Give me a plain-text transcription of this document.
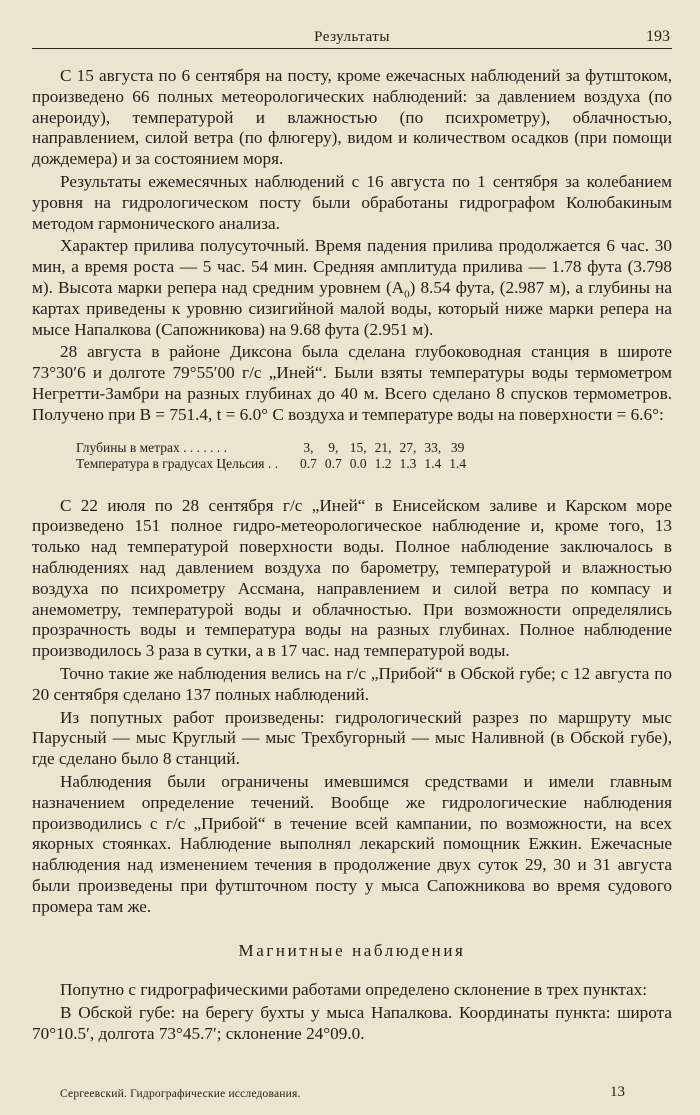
Результаты	193

С 15 августа по 6 сентября на посту, кроме ежечасных наблюдений за футштоком, произведено 66 полных метеорологических наблюдений: за давлением воздуха (по анероиду), температурой и влажностью (по психрометру), облачностью, направлением, силой ветра (по флюгеру), видом и количеством осадков (при помощи дождемера) и за состоянием моря.

Результаты ежемесячных наблюдений с 16 августа по 1 сентября за колебанием уровня на гидрологическом посту были обработаны гидрографом Колюбакиным методом гармонического анализа.

Характер прилива полусуточный. Время падения прилива продолжается 6 час. 30 мин, а время роста — 5 час. 54 мин. Средняя амплитуда прилива — 1.78 фута (3.798 м). Высота марки репера над средним уровнем $(A_0)$ 8.54 фута, (2.987 м), а глубины на картах приведены к уровню сизигийной малой воды, который ниже марки репера на мысе Напалкова (Сапожникова) на 9.68 фута (2.951 м).

28 августа в районе Диксона была сделана глубоководная станция в широте 73°30′6 и долготе 79°55′00 г/с „Иней“. Были взяты температуры воды термометром Негретти-Замбри на разных глубинах до 40 м. Всего сделано 8 спусков термометров. Получено при B = 751.4, t = 6.0° С воздуха и температуре воды на поверхности = 6.6°:

Глубины в метрах . . . . . . .	3,	9,	15,	21,	27,	33,	39
Температура в градусах Цельсия . .	0.7	0.7	0.0	1.2	1.3	1.4	1.4

С 22 июля по 28 сентября г/с „Иней“ в Енисейском заливе и Карском море произведено 151 полное гидро-метеорологическое наблюдение и, кроме того, 13 только над температурой поверхности воды. Полное наблюдение заключалось в наблюдениях над давлением воздуха по барометру, температурой и влажностью воздуха по психрометру Ассмана, направлением и силой ветра по компасу и анемометру, температурой воды и облачностью. При возможности определялись прозрачность воды и температура воды на разных глубинах. Полное наблюдение производилось 3 раза в сутки, а в 17 час. над температурой воды.

Точно такие же наблюдения велись на г/с „Прибой“ в Обской губе; с 12 августа по 20 сентября сделано 137 полных наблюдений.

Из попутных работ произведены: гидрологический разрез по маршруту мыс Парусный — мыс Круглый — мыс Трехбугорный — мыс Наливной (в Обской губе), где сделано было 8 станций.

Наблюдения были ограничены имевшимся средствами и имели главным назначением определение течений. Вообще же гидрологические наблюдения производились с г/с „Прибой“ в течение всей кампании, по возможности, на всех якорных стоянках. Наблюдение выполнял лекарский помощник Ежкин. Ежечасные наблюдения над изменением течения в продолжение двух суток 29, 30 и 31 августа были произведены при футшточном посту у мыса Сапожникова во время судового промера там же.

Магнитные наблюдения

Попутно с гидрографическими работами определено склонение в трех пунктах:

В Обской губе: на берегу бухты у мыса Напалкова. Координаты пункта: широта 70°10.5′, долгота 73°45.7′; склонение 24°09.0.

Сергеевский. Гидрографические исследования.	13
